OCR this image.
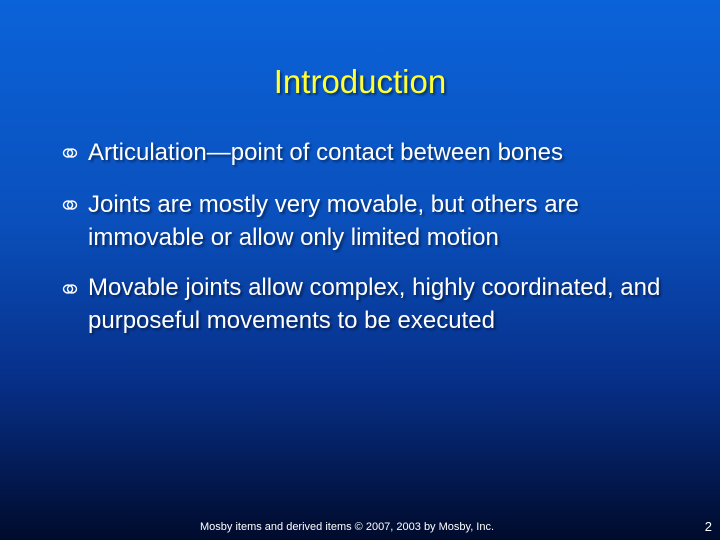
Introduction
Articulation—point of contact between bones
Joints are mostly very movable, but others are immovable or allow only limited motion
Movable joints allow complex, highly coordinated, and purposeful movements to be executed
Mosby items and derived items © 2007, 2003 by Mosby, Inc.	2
